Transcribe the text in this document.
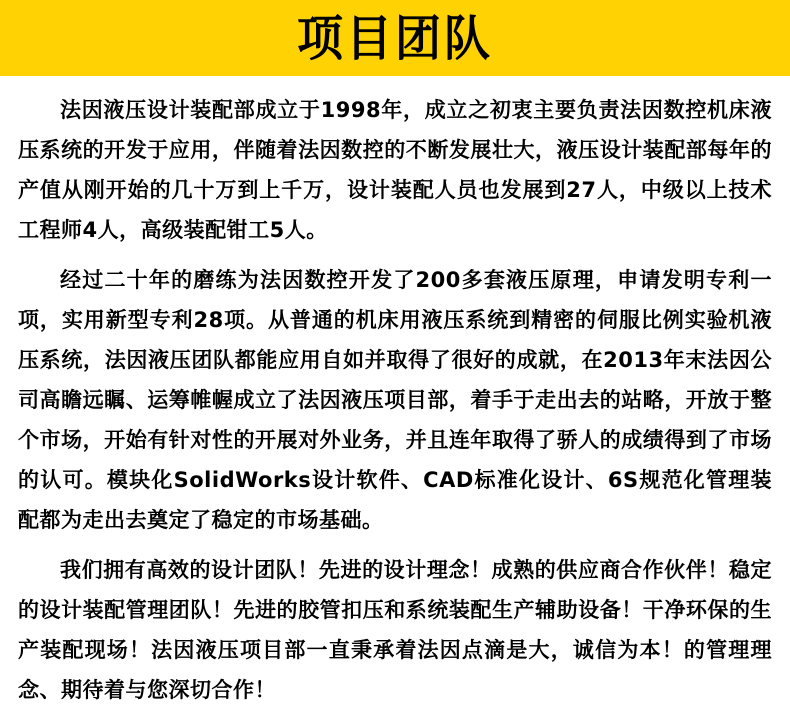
项目团队

法因液压设计装配部成立于1998年，成立之初衷主要负责法因数控机床液压系统的开发于应用，伴随着法因数控的不断发展壮大，液压设计装配部每年的产值从刚开始的几十万到上千万，设计装配人员也发展到27人，中级以上技术工程师4人，高级装配钳工5人。

经过二十年的磨练为法因数控开发了200多套液压原理，申请发明专利一项，实用新型专利28项。从普通的机床用液压系统到精密的伺服比例实验机液压系统，法因液压团队都能应用自如并取得了很好的成就，在2013年末法因公司高瞻远瞩、运筹帷幄成立了法因液压项目部，着手于走出去的站略，开放于整个市场，开始有针对性的开展对外业务，并且连年取得了骄人的成绩得到了市场的认可。模块化SolidWorks设计软件、CAD标准化设计、6S规范化管理装配都为走出去奠定了稳定的市场基础。

我们拥有高效的设计团队！先进的设计理念！成熟的供应商合作伙伴！稳定的设计装配管理团队！先进的胶管扣压和系统装配生产辅助设备！干净环保的生产装配现场！法因液压项目部一直秉承着法因点滴是大，诚信为本！的管理理念、期待着与您深切合作！
